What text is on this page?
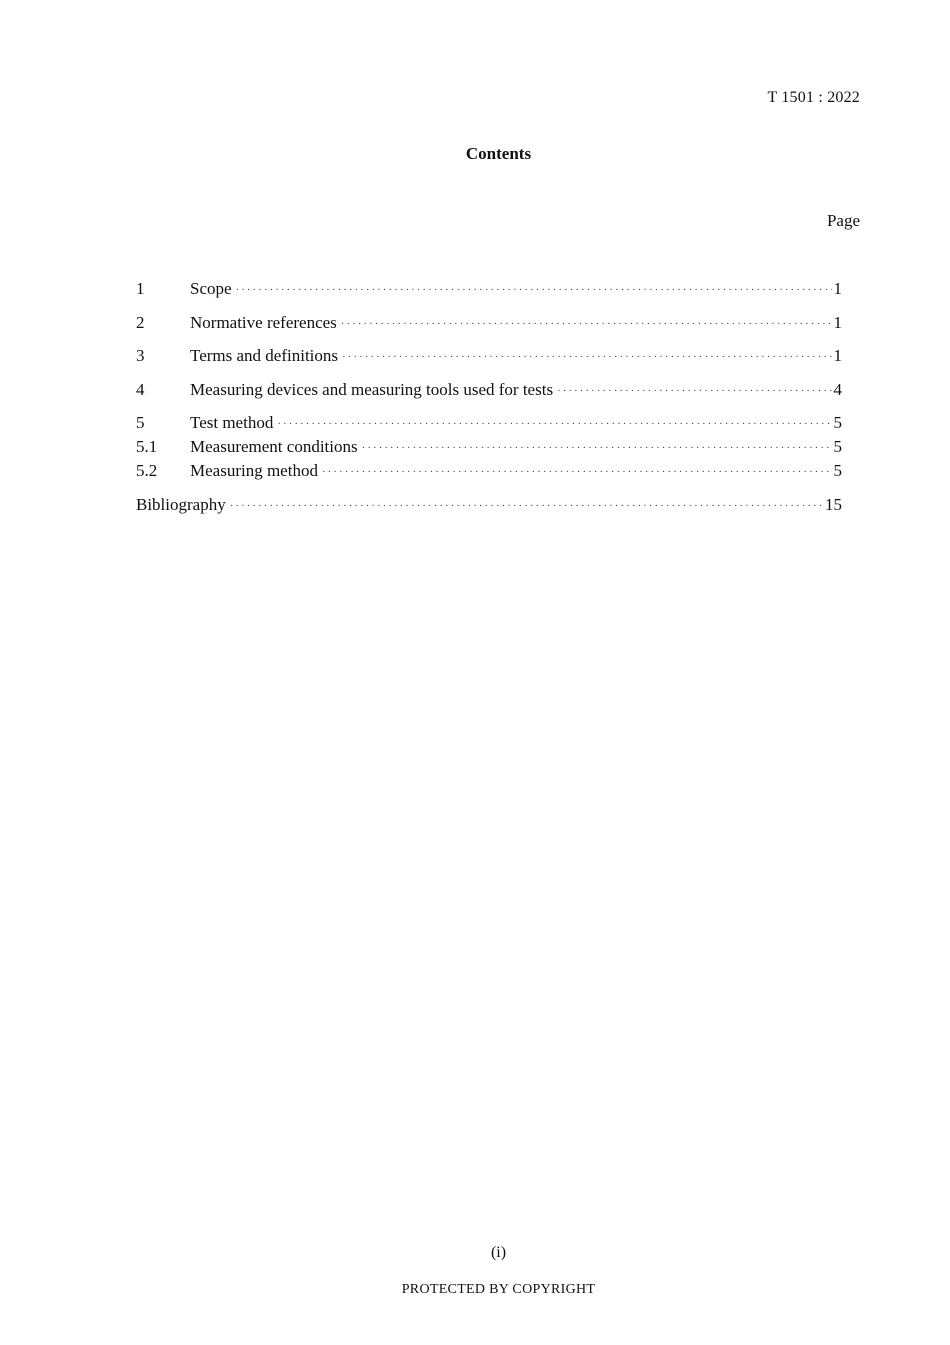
T 1501 : 2022
Contents
Page
1	Scope ·····	1
2	Normative references ·····	1
3	Terms and definitions ·····	1
4	Measuring devices and measuring tools used for tests ·····	4
5	Test method ·····	5
5.1	Measurement conditions ·····	5
5.2	Measuring method ·····	5
Bibliography ·····	15
(i)
PROTECTED BY COPYRIGHT
